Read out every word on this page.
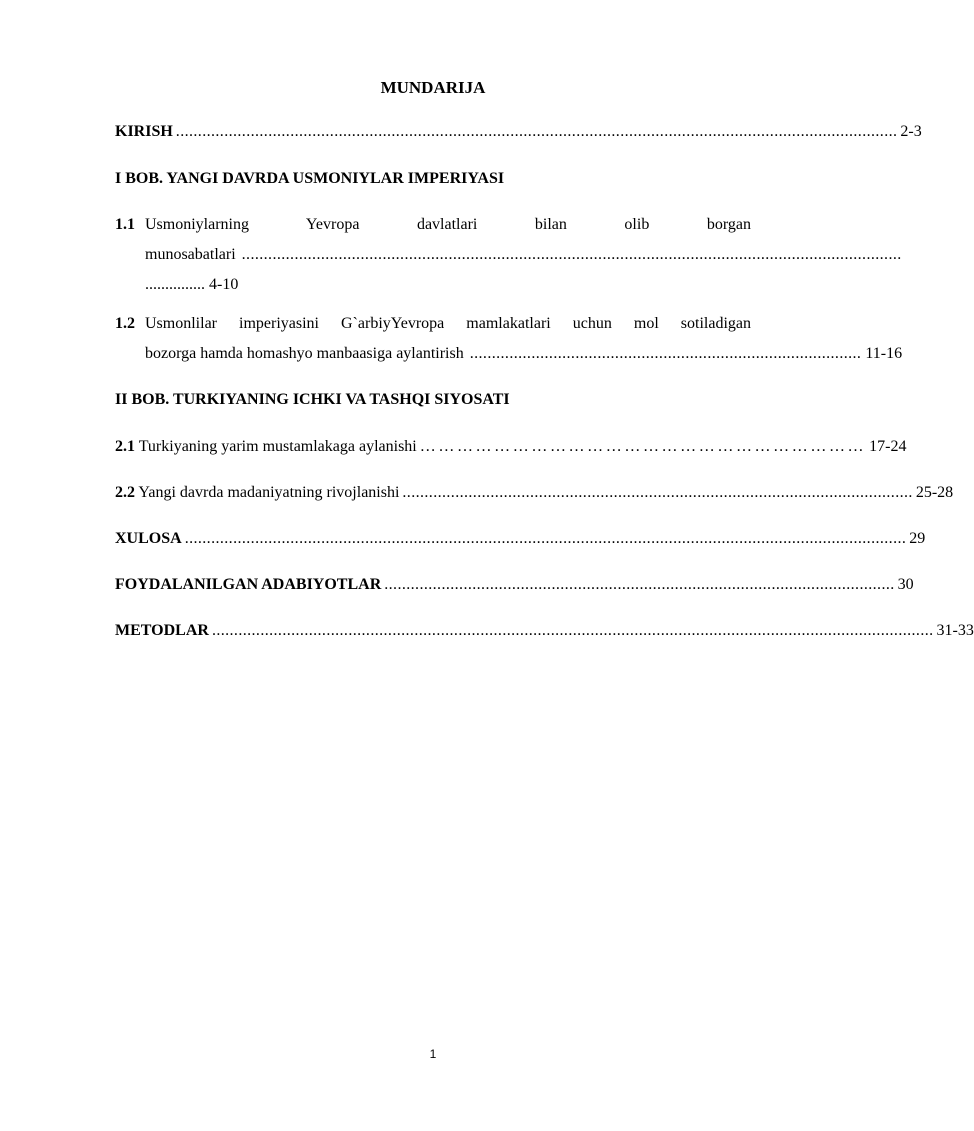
MUNDARIJA
KIRISH .................................................................................................................................................................... 2-3
I BOB. YANGI DAVRDA USMONIYLAR IMPERIYASI
1.1 Usmoniylarning Yevropa davlatlari bilan olib borgan
munosabatlari ......................................................................................................................................................
............... 4-10
1.2 Usmonlilar imperiyasini G`arbiyYevropa mamlakatlari uchun mol sotiladigan
bozorga hamda homashyo manbaasiga aylantirish ......................................................................................... 11-16
II BOB. TURKIYANING ICHKI VA TASHQI SIYOSATI
2.1 Turkiyaning yarim mustamlakaga aylanishi ……………………………………………………………… 17-24
2.2 Yangi davrda madaniyatning rivojlanishi .................................................................................................................... 25-28
XULOSA .................................................................................................................................................................... 29
FOYDALANILGAN ADABIYOTLAR .................................................................................................................... 30
METODLAR .................................................................................................................................................................... 31-33
1
